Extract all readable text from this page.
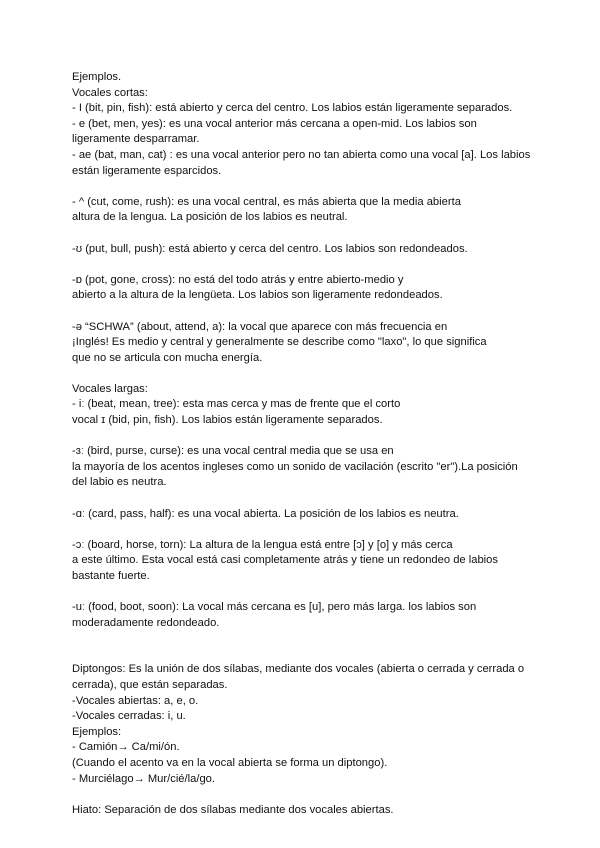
Ejemplos.
Vocales cortas:
- I (bit, pin, fish): está abierto y cerca del centro. Los labios están ligeramente separados.
- e (bet, men, yes): es una vocal anterior más cercana a open-mid. Los labios son
ligeramente desparramar.
- ae (bat, man, cat) : es una vocal anterior pero no tan abierta como una vocal [a]. Los labios
están ligeramente esparcidos.
- ^ (cut, come, rush): es una vocal central, es más abierta que la media abierta
altura de la lengua. La posición de los labios es neutral.
-ʊ (put, bull, push): está abierto y cerca del centro. Los labios son redondeados.
-ɒ (pot, gone, cross): no está del todo atrás y entre abierto-medio y
abierto a la altura de la lengüeta. Los labios son ligeramente redondeados.
-ə “SCHWA” (about, attend, a): la vocal que aparece con más frecuencia en
¡Inglés! Es medio y central y generalmente se describe como "laxo", lo que significa
que no se articula con mucha energía.
Vocales largas:
- iː (beat, mean, tree): esta mas cerca y mas de frente que el corto
vocal ɪ (bid, pin, fish). Los labios están ligeramente separados.
-ɜː (bird, purse, curse): es una vocal central media que se usa en
la mayoría de los acentos ingleses como un sonido de vacilación (escrito "er").La posición
del labio es neutra.
-ɑː (card, pass, half): es una vocal abierta. La posición de los labios es neutra.
-ɔː (board, horse, torn): La altura de la lengua está entre [ɔ] y [o] y más cerca
a este último. Esta vocal está casi completamente atrás y tiene un redondeo de labios
bastante fuerte.
-uː (food, boot, soon): La vocal más cercana es [u], pero más larga. los labios son
moderadamente redondeado.
Diptongos: Es la unión de dos sílabas, mediante dos vocales (abierta o cerrada y cerrada o
cerrada), que están separadas.
-Vocales abiertas: a, e, o.
-Vocales cerradas: i, u.
Ejemplos:
- Camión→ Ca/mi/ón.
(Cuando el acento va en la vocal abierta se forma un diptongo).
- Murciélago→ Mur/cié/la/go.
Hiato: Separación de dos sílabas mediante dos vocales abiertas.
